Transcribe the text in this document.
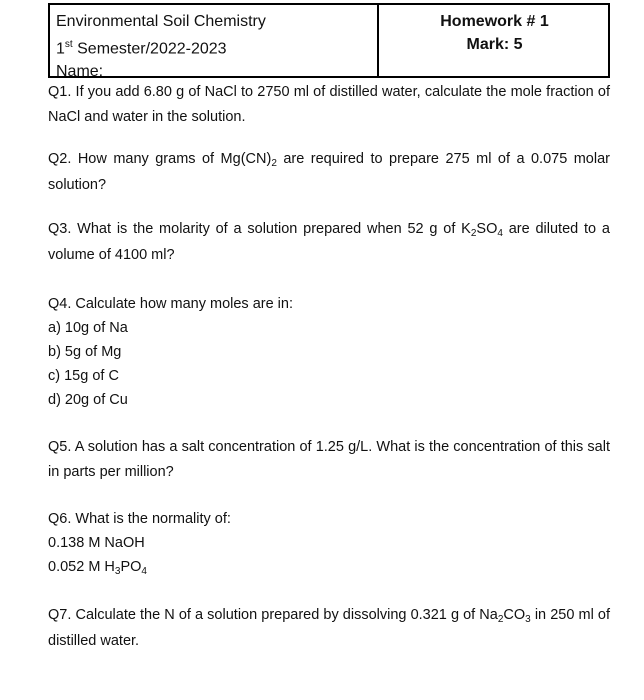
Environmental Soil Chemistry
1st Semester/2022-2023
Name:
Homework # 1
Mark: 5

Q1. If you add 6.80 g of NaCl to 2750 ml of distilled water, calculate the mole fraction of NaCl and water in the solution.

Q2. How many grams of $Mg(CN)_2$ are required to prepare 275 ml of a 0.075 molar solution?

Q3. What is the molarity of a solution prepared when 52 g of $K_2SO_4$ are diluted to a volume of 4100 ml?

Q4. Calculate how many moles are in:

a) 10g of Na

b) 5g of Mg

c) 15g of C

d) 20g of Cu

Q5. A solution has a salt concentration of 1.25 g/L. What is the concentration of this salt in parts per million?

Q6. What is the normality of:

0.138 M NaOH

0.052 M $H_3PO_4$

Q7. Calculate the N of a solution prepared by dissolving 0.321 g of $Na_2CO_3$ in 250 ml of distilled water.
